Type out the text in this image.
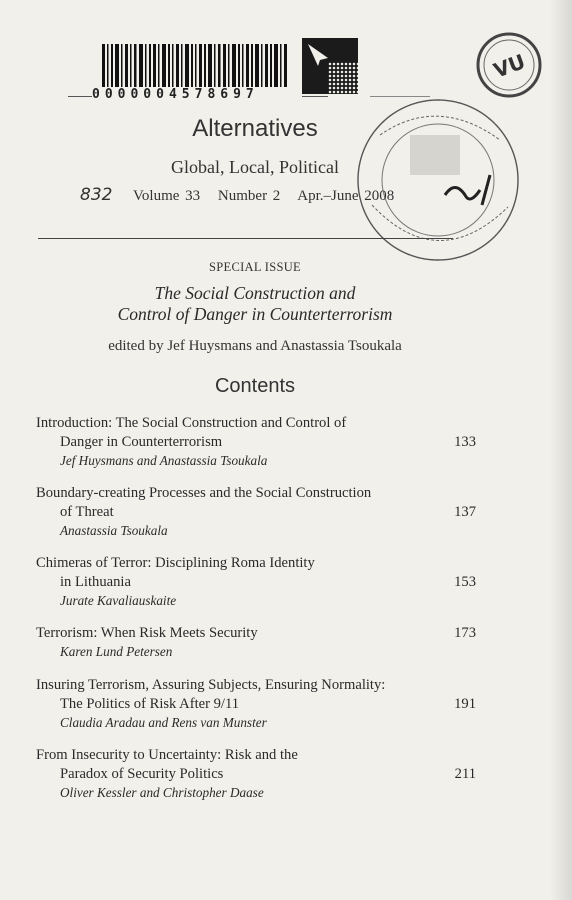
0000004578697
VU
832
Alternatives
Global, Local, Political
Volume 33 Number 2 Apr.–June 2008
SPECIAL ISSUE
The Social Construction and
Control of Danger in Counterterrorism
edited by Jef Huysmans and Anastassia Tsoukala
Contents
Introduction: The Social Construction and Control of
Danger in Counterterrorism
Jef Huysmans and Anastassia Tsoukala
133
Boundary-creating Processes and the Social Construction
of Threat
Anastassia Tsoukala
137
Chimeras of Terror: Disciplining Roma Identity
in Lithuania
Jurate Kavaliauskaite
153
Terrorism: When Risk Meets Security
Karen Lund Petersen
173
Insuring Terrorism, Assuring Subjects, Ensuring Normality:
The Politics of Risk After 9/11
Claudia Aradau and Rens van Munster
191
From Insecurity to Uncertainty: Risk and the
Paradox of Security Politics
Oliver Kessler and Christopher Daase
211
